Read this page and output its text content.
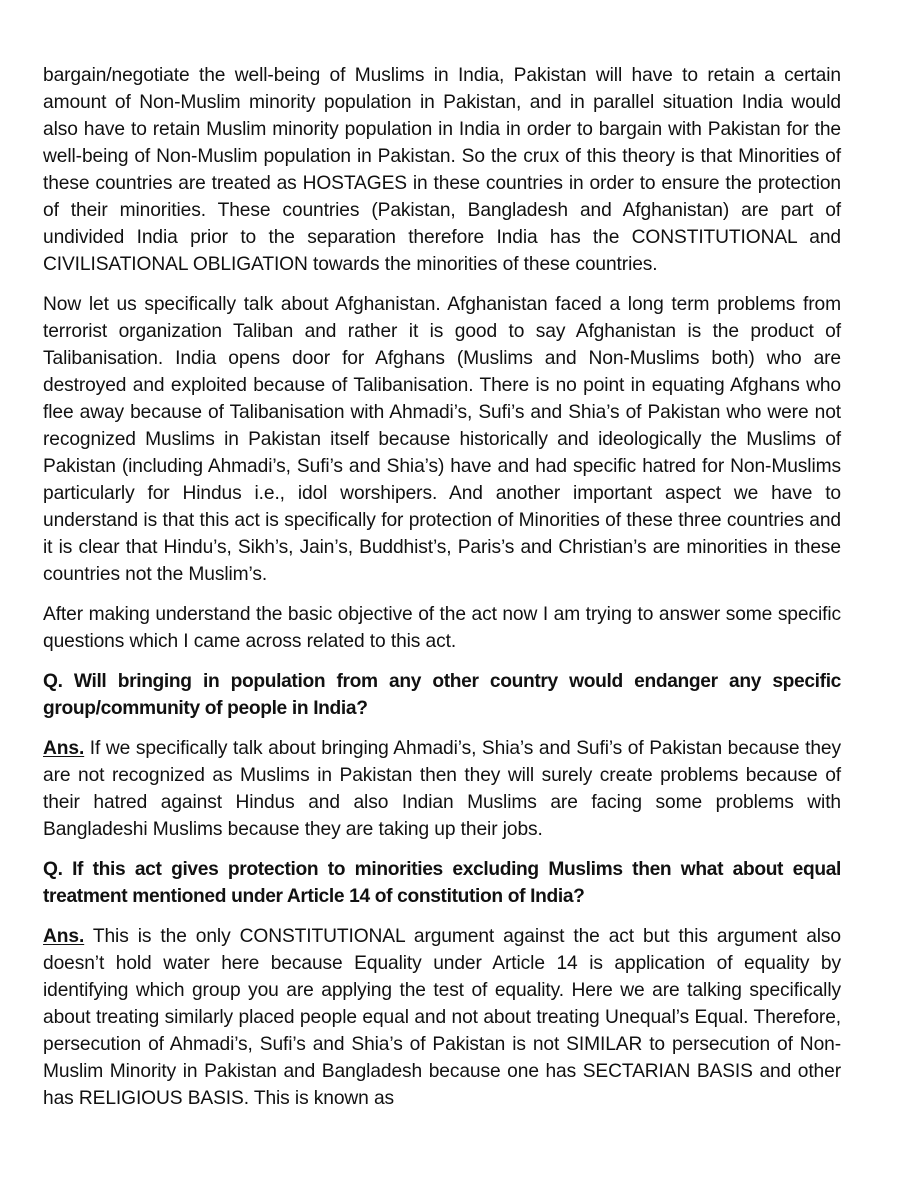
bargain/negotiate the well-being of Muslims in India, Pakistan will have to retain a certain amount of Non-Muslim minority population in Pakistan, and in parallel situation India would also have to retain Muslim minority population in India in order to bargain with Pakistan for the well-being of Non-Muslim population in Pakistan. So the crux of this theory is that Minorities of these countries are treated as HOSTAGES in these countries in order to ensure the protection of their minorities. These countries (Pakistan, Bangladesh and Afghanistan) are part of undivided India prior to the separation therefore India has the CONSTITUTIONAL and CIVILISATIONAL OBLIGATION towards the minorities of these countries.

Now let us specifically talk about Afghanistan. Afghanistan faced a long term problems from terrorist organization Taliban and rather it is good to say Afghanistan is the product of Talibanisation. India opens door for Afghans (Muslims and Non-Muslims both) who are destroyed and exploited because of Talibanisation. There is no point in equating Afghans who flee away because of Talibanisation with Ahmadi’s, Sufi’s and Shia’s of Pakistan who were not recognized Muslims in Pakistan itself because historically and ideologically the Muslims of Pakistan (including Ahmadi’s, Sufi’s and Shia’s) have and had specific hatred for Non-Muslims particularly for Hindus i.e., idol worshipers. And another important aspect we have to understand is that this act is specifically for protection of Minorities of these three countries and it is clear that Hindu’s, Sikh’s, Jain’s, Buddhist’s, Paris’s and Christian’s are minorities in these countries not the Muslim’s.

After making understand the basic objective of the act now I am trying to answer some specific questions which I came across related to this act.

Q. Will bringing in population from any other country would endanger any specific group/community of people in India?

Ans. If we specifically talk about bringing Ahmadi’s, Shia’s and Sufi’s of Pakistan because they are not recognized as Muslims in Pakistan then they will surely create problems because of their hatred against Hindus and also Indian Muslims are facing some problems with Bangladeshi Muslims because they are taking up their jobs.

Q. If this act gives protection to minorities excluding Muslims then what about equal treatment mentioned under Article 14 of constitution of India?

Ans. This is the only CONSTITUTIONAL argument against the act but this argument also doesn’t hold water here because Equality under Article 14 is application of equality by identifying which group you are applying the test of equality. Here we are talking specifically about treating similarly placed people equal and not about treating Unequal’s Equal. Therefore, persecution of Ahmadi’s, Sufi’s and Shia’s of Pakistan is not SIMILAR to persecution of Non-Muslim Minority in Pakistan and Bangladesh because one has SECTARIAN BASIS and other has RELIGIOUS BASIS. This is known as
